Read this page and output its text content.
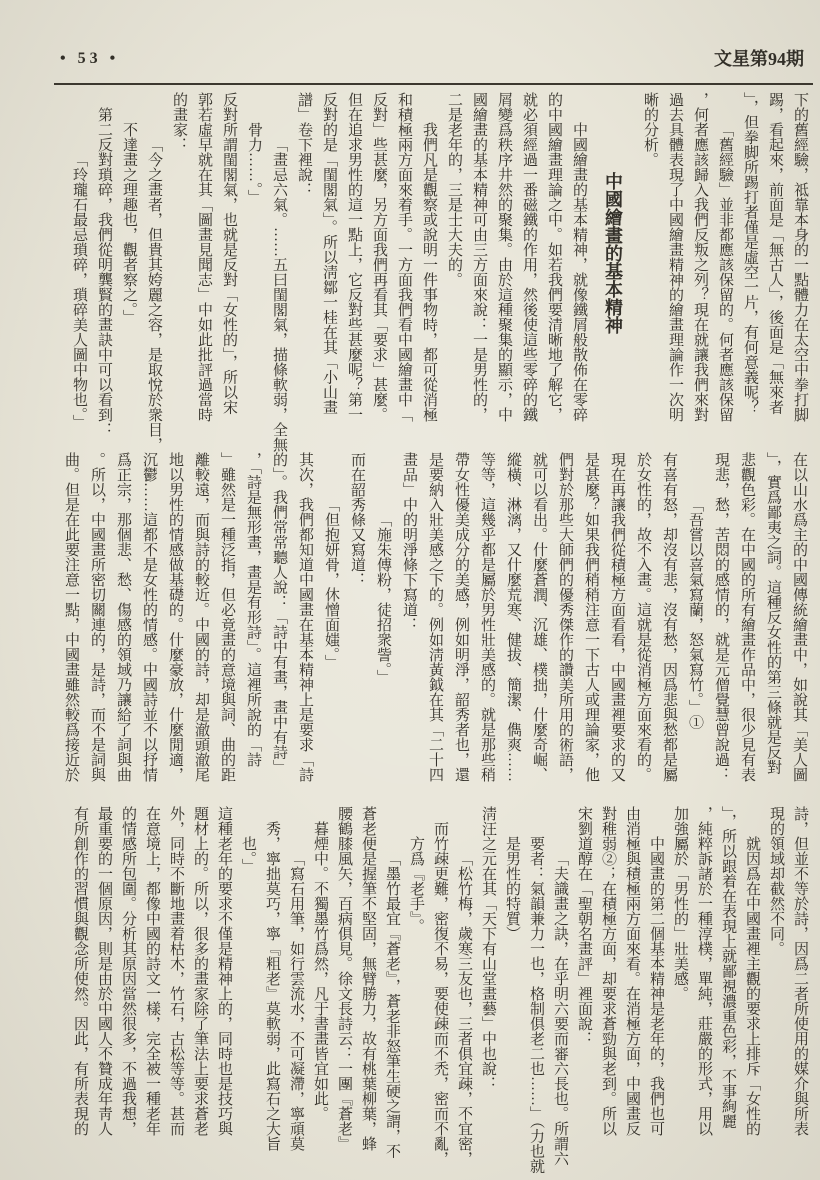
• 53 •	文星第94期
下的舊經驗，祗靠本身的一點體力在太空中拳打脚
踢，看起來，前面是「無古人」，後面是「無來者
」，但拳脚所踢打者僅是虛空一片，有何意義呢？
「舊經驗」並非都應該保留的。何者應該保留
，何者應該歸入我們反叛之列？現在就讓我們來對
過去具體表現了中國繪畫精神的繪畫理論作一次明
晰的分析。
中國繪畫的基本精神
中國繪畫的基本精神，就像鐵屑般散佈在零碎
的中國繪畫理論之中。如若我們要清晰地了解它，
就必須經過一番磁鐵的作用，然後使這些零碎的鐵
屑變爲秩序井然的聚集。由於這種聚集的顯示，中
國繪畫的基本精神可由三方面來說：一是男性的，
二是老年的，三是士大夫的。
我們凡是觀察或說明一件事物時，都可從消極
和積極兩方面來着手。一方面我們看中國繪畫中「
反對」些甚麼，另方面我們再看其「要求」甚麼。
但在追求男性的這一點上，它反對些甚麼呢？第一
反對的是「閨閣氣」。所以淸鄒一桂在其「小山畫
譜」卷下裡說：
「畫忌六氣。……五曰閨閣氣，描條軟弱，全無
骨力……。」
反對所謂閨閣氣，也就是反對「女性的」，所以宋
郭若虛早就在其「圖畫見聞志」中如此批評過當時
的畫家：
「今之畫者，但貴其姱麗之容，是取悅於衆目，
不達畫之理趣也，觀者察之。」
第二反對瑣碎，我們從明龔賢的畫訣中可以看到：
「玲瓏石最忌瑣碎，瑣碎美人圖中物也。」
在以山水爲主的中國傳統繪畫中，如說其「美人圖
」，實爲鄙夷之詞。這種反女性的第三條就是反對
悲觀色彩。在中國的所有繪畫作品中，很少見有表
現悲，愁，苦悶的感情的，就是元僧覺慧曾說過：
「吾嘗以喜氣寫蘭，怒氣寫竹。」①
有喜有怒，却沒有悲，沒有愁，因爲悲與愁都是屬
於女性的，故不入畫。這就是從消極方面來看的。
現在再讓我們從積極方面看看，中國畫裡要求的又
是甚麼？如果我們稍稍注意一下古人或理論家，他
們對於那些大師們的優秀傑作的讚美所用的術語，
就可以看出。什麼蒼潤、沉雄、樸拙，什麼奇崛、
縱橫、淋漓，又什麼荒寒、健拔、簡潔、儁爽……
等等，這幾乎都是屬於男性壯美感的。就是那些稍
帶女性優美成分的美感，例如明淨，韶秀者也，還
是要納入壯美感之下的。例如淸黃鉞在其「二十四
畫品」中的明淨條下寫道：
「施朱傅粉，徒招衆訾。」
而在韶秀條又寫道：
「但抱妍骨，休憎面媸。」
其次，我們都知道中國畫在基本精神上是要求「詩
的」。我們常常聽人說：「詩中有畫，畫中有詩」
，「詩是無形畫，畫是有形詩」。這裡所說的「詩
」雖然是一種泛指，但必竟畫的意境與詞、曲的距
離較遠，而與詩的較近。中國的詩，却是澈頭澈尾
地以男性的情感做基礎的。什麼豪放，什麼閒適，
沉鬱……這都不是女性的情感。中國詩並不以抒情
爲正宗，那個悲、愁、傷感的領域乃讓給了詞與曲
。所以，中國畫所密切關連的，是詩，而不是詞與
曲。但是在此要注意一點，中國畫雖然較爲接近於
詩，但並不等於詩，因爲二者所使用的媒介與所表
現的領域却截然不同。
就因爲在中國畫裡主觀的要求上排斥「女性的
」，所以跟着在表現上就鄙視濃重色彩，不事絢麗
，純粹訴諸於一種淳樸，單純，莊嚴的形式，用以
加強屬於「男性的」壯美感。
中國畫的第二個基本精神是老年的，我們也可
由消極與積極兩方面來看。在消極方面，中國畫反
對稚弱②；在積極方面，却要求蒼勁與老到。所以
宋劉道醇在「聖朝名畫評」裡面說：
「夫識畫之訣，在乎明六要而審六長也。所謂六
要者：氣韻兼力一也，格制俱老二也……」（力也就
是男性的特質）
淸汪之元在其「天下有山堂畫藝」中也說：
「松竹梅，歲寒三友也，三者俱宜疎，不宜密，
而竹疎更難，密復不易，要使疎而不禿，密而不亂，
方爲『老手』。
「墨竹最宜『蒼老』，蒼老非怒筆生硬之謂，不
蒼老便是握筆不堅固，無臂勝力，故有桃葉柳葉，蜂
腰鶴膝風矢，百病俱見。徐文長詩云：一團『蒼老』
暮煙中。不獨墨竹爲然，凡于書畫皆宜如此。
「寫石用筆，如行雲流水，不可凝滯，寧頑莫
秀，寧拙莫巧，寧『粗老』莫軟弱，此寫石之大旨
也。」
這種老年的要求不僅是精神上的，同時也是技巧與
題材上的。所以，很多的畫家除了筆法上要求蒼老
外，同時不斷地畫着枯木，竹石，古松等等。甚而
在意境上，都像中國的詩文一樣，完全被一種老年
的情感所包圍。分析其原因當然很多，不過我想，
最重要的一個原因，則是由於中國人不贊成年靑人
有所創作的習慣與觀念所使然。因此，有所表現的
